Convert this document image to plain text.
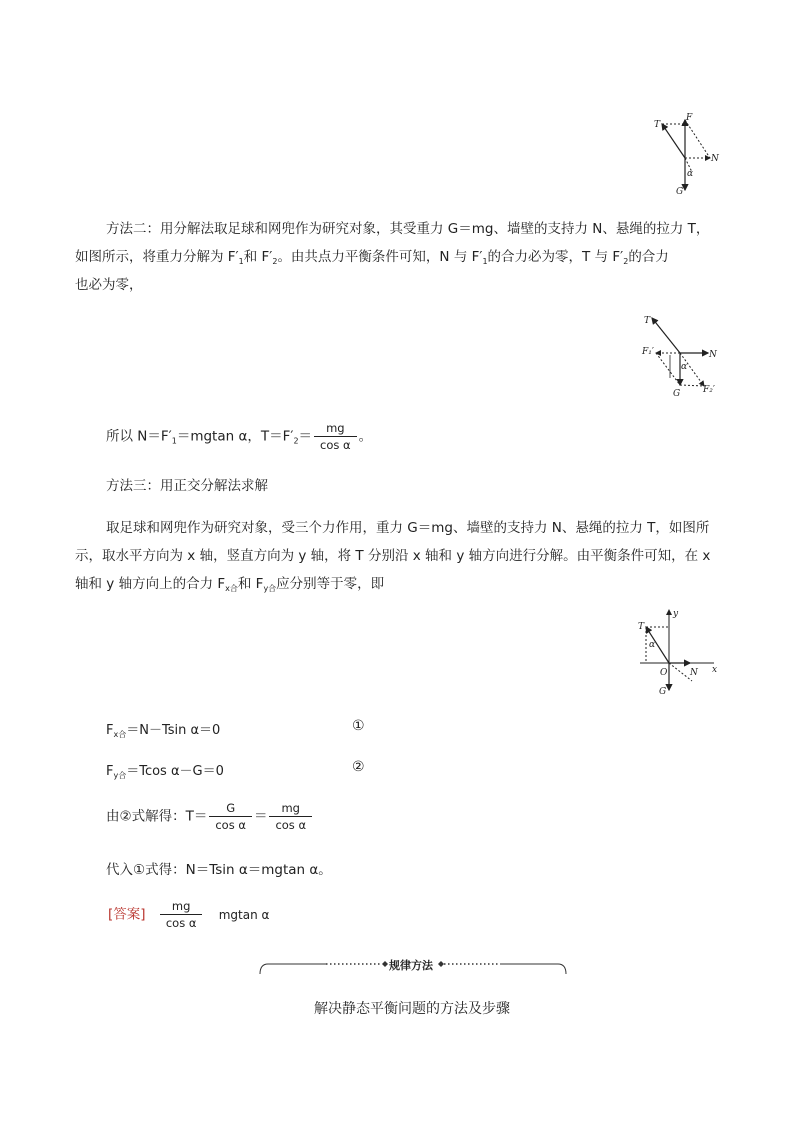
T
F
N
α
G
方法二：用分解法取足球和网兜作为研究对象，其受重力 G＝mg、墙壁的支持力 N、悬绳的拉力 T，
如图所示，将重力分解为 $F'_1$和 $F'_2$。由共点力平衡条件可知，N 与 $F'_1$的合力必为零，T 与 $F'_2$的合力
也必为零，
T
F₁′	N
α
G	F₂′
所以 $N=F'_1=mgtan$ α，$T=F'_2= \frac{mg}{\text{cos α}}$ 。
方法三：用正交分解法求解
取足球和网兜作为研究对象，受三个力作用，重力 G＝mg、墙壁的支持力 N、悬绳的拉力 T，如图所
示，取水平方向为 x 轴，竖直方向为 y 轴，将 T 分别沿 x 轴和 y 轴方向进行分解。由平衡条件可知，在 x
轴和 y 轴方向上的合力 $F_{x合}$和 $F_{y合}$应分别等于零，即
y
T
α
O	N x
G
$F_{x合}=N-Tsin$ α＝0	①
$F_{y合}=Tcos$ α－G＝0	②
由②式解得：$T= \frac{G}{\text{cos α}} = \frac{mg}{\text{cos α}}$
代入①式得：N＝Tsin α＝mgtan α。
[答案] $\frac{mg}{\text{cos α}}$ mgtan α
规律方法
解决静态平衡问题的方法及步骤
